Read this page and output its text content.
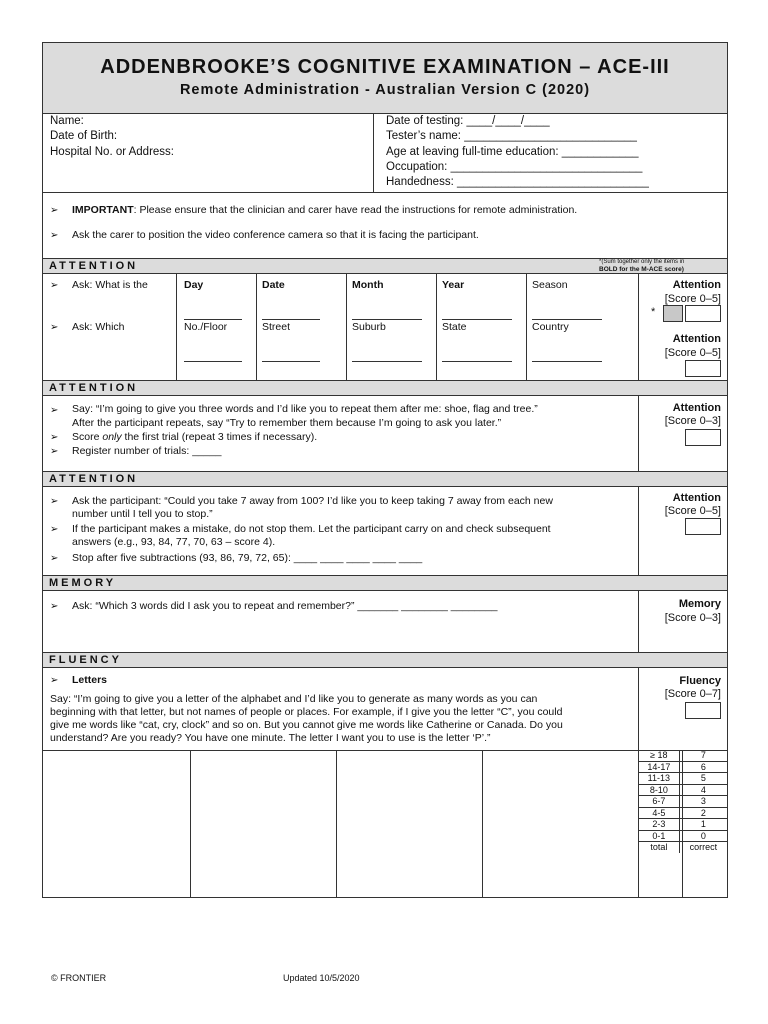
ADDENBROOKE’S COGNITIVE EXAMINATION – ACE-III
Remote Administration - Australian Version C (2020)
Name:
Date of Birth:
Hospital No. or Address:
Date of testing: ____/____/____
Tester’s name: ___________________________
Age at leaving full-time education: ____________
Occupation: ______________________________
Handedness: ______________________________
➢ IMPORTANT: Please ensure that the clinician and carer have read the instructions for remote administration.
➢ Ask the carer to position the video conference camera so that it is facing the participant.
ATTENTION	*(Sum together only the items in
BOLD for the M-ACE score)
➢ Ask: What is the	Day	Date	Month	Year	Season
➢ Ask: Which	No./Floor	Street	Suburb	State	Country
Attention
[Score 0–5]
*
Attention
[Score 0–5]
ATTENTION
➢ Say: “I’m going to give you three words and I’d like you to repeat them after me: shoe, flag and tree.”
After the participant repeats, say “Try to remember them because I’m going to ask you later.”
➢ Score only the first trial (repeat 3 times if necessary).
➢ Register number of trials: _____
Attention
[Score 0–3]
ATTENTION
➢ Ask the participant: “Could you take 7 away from 100? I’d like you to keep taking 7 away from each new
number until I tell you to stop.”
➢ If the participant makes a mistake, do not stop them. Let the participant carry on and check subsequent
answers (e.g., 93, 84, 77, 70, 63 – score 4).
➢ Stop after five subtractions (93, 86, 79, 72, 65): ____ ____ ____ ____ ____
Attention
[Score 0–5]
MEMORY
➢ Ask: “Which 3 words did I ask you to repeat and remember?” _______ ________ ________	Memory
[Score 0–3]
FLUENCY
➢ Letters
Say: “I’m going to give you a letter of the alphabet and I’d like you to generate as many words as you can
beginning with that letter, but not names of people or places. For example, if I give you the letter “C”, you could
give me words like “cat, cry, clock” and so on. But you cannot give me words like Catherine or Canada. Do you
understand? Are you ready? You have one minute. The letter I want you to use is the letter ‘P’.”
Fluency
[Score 0–7]
≥ 18	7
14-17	6
11-13	5
8-10	4
6-7	3
4-5	2
2-3	1
0-1	0
total	correct
© FRONTIER	Updated 10/5/2020
